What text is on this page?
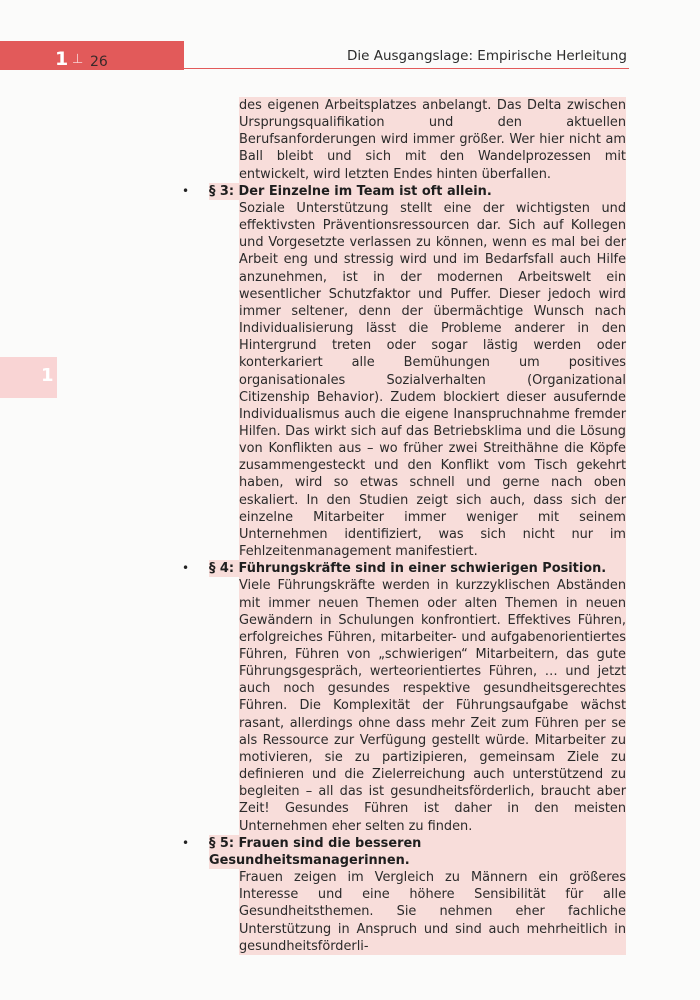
1 ⊥ 26	Die Ausgangslage: Empirische Herleitung
1

des eigenen Arbeitsplatzes anbelangt. Das Delta zwischen Ursprungsqualifikation und den aktuellen Berufsanforderungen wird immer größer. Wer hier nicht am Ball bleibt und sich mit den Wandelprozessen mit entwickelt, wird letzten Endes hinten überfallen.

• § 3: Der Einzelne im Team ist oft allein.

Soziale Unterstützung stellt eine der wichtigsten und effektivsten Präventionsressourcen dar. Sich auf Kollegen und Vorgesetzte verlassen zu können, wenn es mal bei der Arbeit eng und stressig wird und im Bedarfsfall auch Hilfe anzunehmen, ist in der modernen Arbeitswelt ein wesentlicher Schutzfaktor und Puffer. Dieser jedoch wird immer seltener, denn der übermächtige Wunsch nach Individualisierung lässt die Probleme anderer in den Hintergrund treten oder sogar lästig werden oder konterkariert alle Bemühungen um positives organisationales Sozialverhalten (Organizational Citizenship Behavior). Zudem blockiert dieser ausufernde Individualismus auch die eigene Inanspruchnahme fremder Hilfen. Das wirkt sich auf das Betriebsklima und die Lösung von Konflikten aus – wo früher zwei Streithähne die Köpfe zusammengesteckt und den Konflikt vom Tisch gekehrt haben, wird so etwas schnell und gerne nach oben eskaliert. In den Studien zeigt sich auch, dass sich der einzelne Mitarbeiter immer weniger mit seinem Unternehmen identifiziert, was sich nicht nur im Fehlzeitenmanagement manifestiert.

• § 4: Führungskräfte sind in einer schwierigen Position.

Viele Führungskräfte werden in kurzzyklischen Abständen mit immer neuen Themen oder alten Themen in neuen Gewändern in Schulungen konfrontiert. Effektives Führen, erfolgreiches Führen, mitarbeiter- und aufgabenorientiertes Führen, Führen von „schwierigen“ Mitarbeitern, das gute Führungsgespräch, werteorientiertes Führen, … und jetzt auch noch gesundes respektive gesundheitsgerechtes Führen. Die Komplexität der Führungsaufgabe wächst rasant, allerdings ohne dass mehr Zeit zum Führen per se als Ressource zur Verfügung gestellt würde. Mitarbeiter zu motivieren, sie zu partizipieren, gemeinsam Ziele zu definieren und die Zielerreichung auch unterstützend zu begleiten – all das ist gesundheitsförderlich, braucht aber Zeit! Gesundes Führen ist daher in den meisten Unternehmen eher selten zu finden.

• § 5: Frauen sind die besseren Gesundheitsmanagerinnen.

Frauen zeigen im Vergleich zu Männern ein größeres Interesse und eine höhere Sensibilität für alle Gesundheitsthemen. Sie nehmen eher fachliche Unterstützung in Anspruch und sind auch mehrheitlich in gesundheitsförderli-
